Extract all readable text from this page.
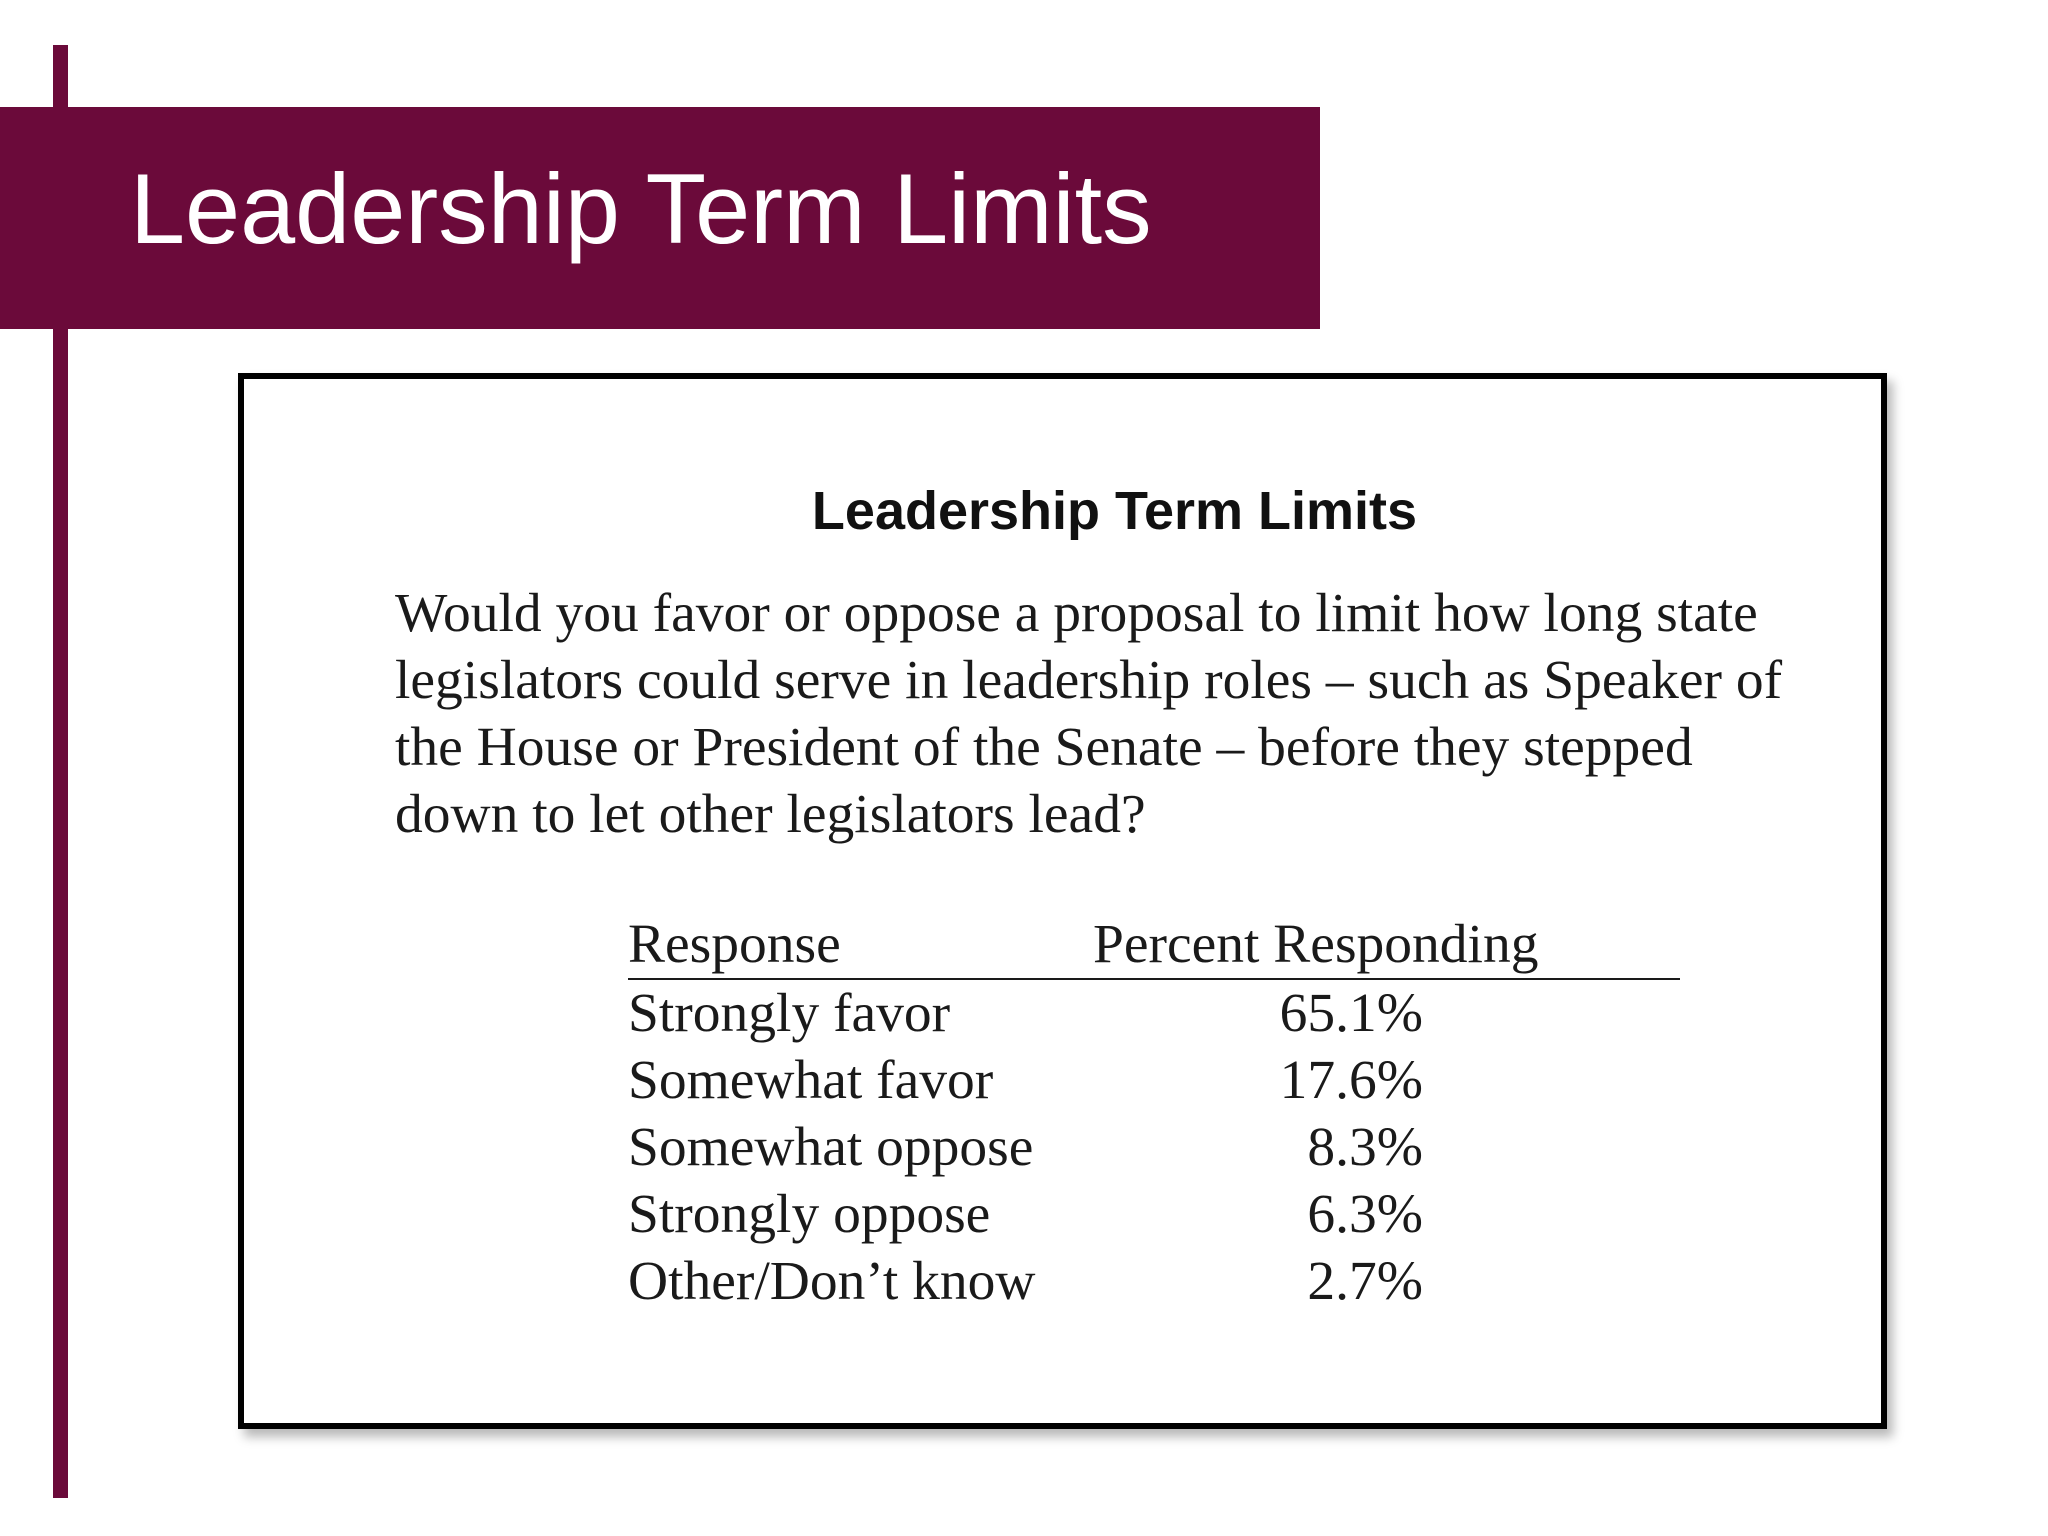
Leadership Term Limits
Leadership Term Limits

Would you favor or oppose a proposal to limit how long state legislators could serve in leadership roles – such as Speaker of the House or President of the Senate – before they stepped down to let other legislators lead?

Response	Percent Responding	
Strongly favor	65.1%	
Somewhat favor	17.6%	
Somewhat oppose	8.3%	
Strongly oppose	6.3%	
Other/Don’t know	2.7%	
